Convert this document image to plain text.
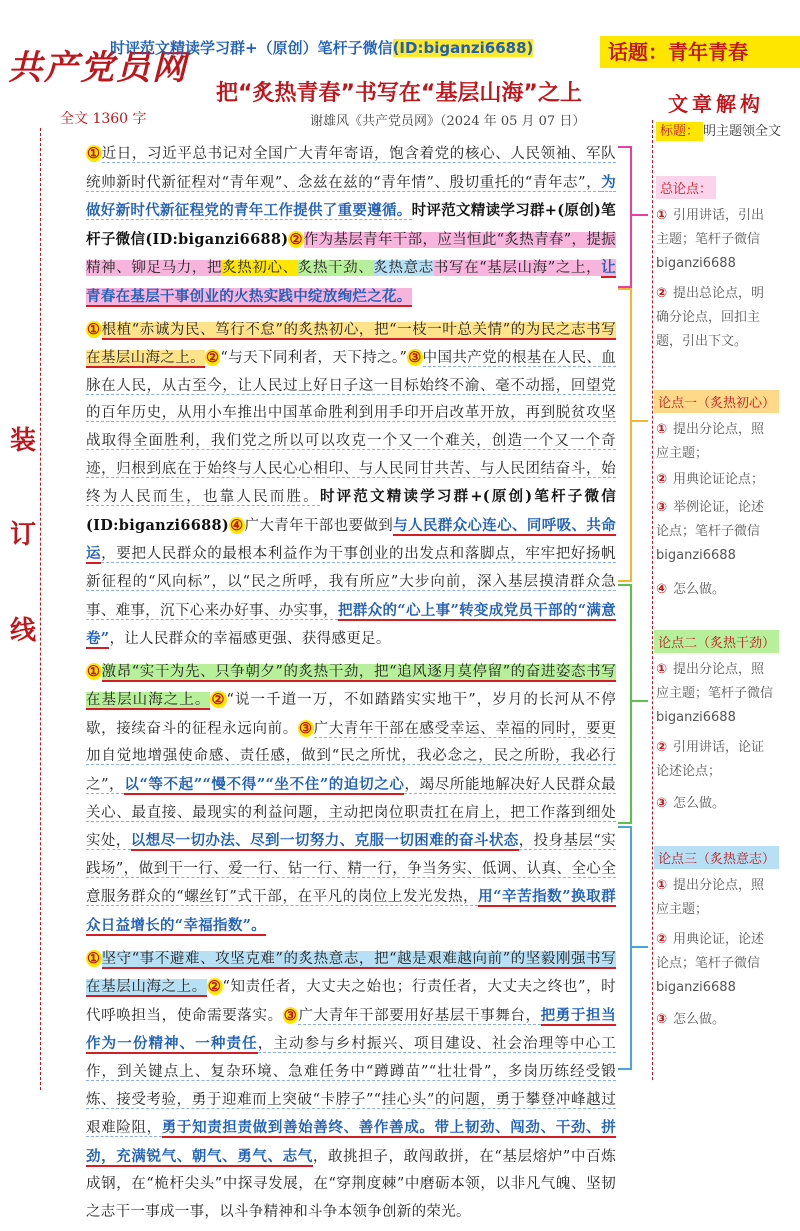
共产党员网
时评范文精读学习群+（原创）笔杆子微信(ID:biganzi6688)	话题：青年青春
把“炙热青春”书写在“基层山海”之上
全文 1360 字	谢雄风《共产党员网》（2024 年 05 月 07 日）
装
订
线

①近日，习近平总书记对全国广大青年寄语，饱含着党的核心、人民领袖、军队统帅新时代新征程对“青年观”、念兹在兹的“青年情”、殷切重托的“青年志”，为做好新时代新征程党的青年工作提供了重要遵循。时评范文精读学习群+(原创)笔杆子微信(ID:biganzi6688)②作为基层青年干部，应当恒此“炙热青春”，提振精神、铆足马力，把炙热初心、炙热干劲、炙热意志书写在“基层山海”之上，让青春在基层干事创业的火热实践中绽放绚烂之花。

①根植“赤诚为民、笃行不怠”的炙热初心，把“一枝一叶总关情”的为民之志书写在基层山海之上。②“与天下同利者，天下持之。”③中国共产党的根基在人民、血脉在人民，从古至今，让人民过上好日子这一目标始终不渝、毫不动摇，回望党的百年历史，从用小车推出中国革命胜利到用手印开启改革开放，再到脱贫攻坚战取得全面胜利，我们党之所以可以攻克一个又一个难关，创造一个又一个奇迹，归根到底在于始终与人民心心相印、与人民同甘共苦、与人民团结奋斗，始终为人民而生，也靠人民而胜。时评范文精读学习群+(原创)笔杆子微信(ID:biganzi6688)④广大青年干部也要做到与人民群众心连心、同呼吸、共命运，要把人民群众的最根本利益作为干事创业的出发点和落脚点，牢牢把好扬帆新征程的“风向标”，以“民之所呼，我有所应”大步向前，深入基层摸清群众急事、难事，沉下心来办好事、办实事，把群众的“心上事”转变成党员干部的“满意卷”，让人民群众的幸福感更强、获得感更足。

①激昂“实干为先、只争朝夕”的炙热干劲，把“追风逐月莫停留”的奋进姿态书写在基层山海之上。②“说一千道一万，不如踏踏实实地干”，岁月的长河从不停歇，接续奋斗的征程永远向前。③广大青年干部在感受幸运、幸福的同时，要更加自觉地增强使命感、责任感，做到“民之所忧，我必念之，民之所盼，我必行之”，以“等不起”“慢不得”“坐不住”的迫切之心，竭尽所能地解决好人民群众最关心、最直接、最现实的利益问题，主动把岗位职责扛在肩上，把工作落到细处实处，以想尽一切办法、尽到一切努力、克服一切困难的奋斗状态，投身基层“实践场”，做到干一行、爱一行、钻一行、精一行，争当务实、低调、认真、全心全意服务群众的“螺丝钉”式干部，在平凡的岗位上发光发热，用“辛苦指数”换取群众日益增长的“幸福指数”。

①坚守“事不避难、攻坚克难”的炙热意志，把“越是艰难越向前”的坚毅刚强书写在基层山海之上。②“知责任者，大丈夫之始也；行责任者，大丈夫之终也”，时代呼唤担当，使命需要落实。③广大青年干部要用好基层干事舞台，把勇于担当作为一份精神、一种责任，主动参与乡村振兴、项目建设、社会治理等中心工作，到关键点上、复杂环境、急难任务中“蹲蹲苗”“壮壮骨”，多岗历练经受锻炼、接受考验，勇于迎难而上突破“卡脖子”“挂心头”的问题，勇于攀登冲峰越过艰难险阻，勇于知责担责做到善始善终、善作善成。带上韧劲、闯劲、干劲、拼劲，充满锐气、朝气、勇气、志气，敢挑担子，敢闯敢拼，在“基层熔炉”中百炼成钢，在“桅杆尖头”中探寻发展，在“穿荆度棘”中磨砺本领，以非凡气魄、坚韧之志干一事成一事，以斗争精神和斗争本领争创新的荣光。

文章解构
标题： 明主题领全文
总论点：
① 引用讲话，引出主题；笔杆子微信 biganzi6688
② 提出总论点，明确分论点，回扣主题，引出下文。
论点一（炙热初心）
① 提出分论点，照应主题；
② 用典论证论点；
③ 举例论证，论述论点；笔杆子微信 biganzi6688
④ 怎么做。
论点二（炙热干劲）
① 提出分论点，照应主题；笔杆子微信 biganzi6688
② 引用讲话，论证论述论点；
③ 怎么做。
论点三（炙热意志）
① 提出分论点，照应主题；
② 用典论证，论述论点；笔杆子微信 biganzi6688
③ 怎么做。
